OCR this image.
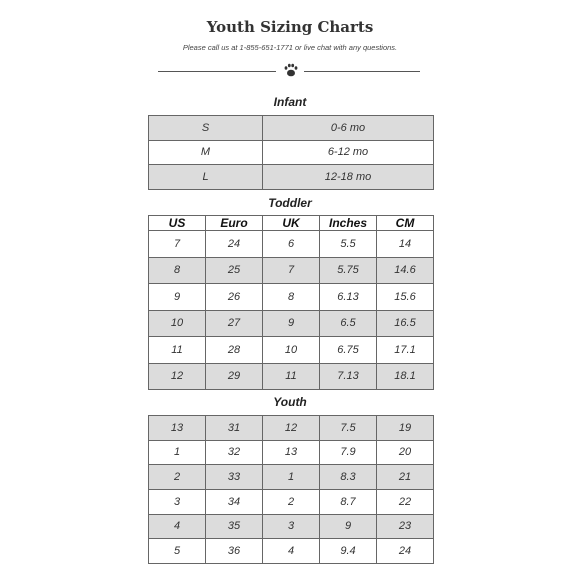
Youth Sizing Charts
Please call us at 1-855-651-1771 or live chat with any questions.
Infant
S	0-6 mo
M	6-12 mo
L	12-18 mo
Toddler
US	Euro	UK	Inches	CM
7	24	6	5.5	14
8	25	7	5.75	14.6
9	26	8	6.13	15.6
10	27	9	6.5	16.5
11	28	10	6.75	17.1
12	29	11	7.13	18.1
Youth
13	31	12	7.5	19
1	32	13	7.9	20
2	33	1	8.3	21
3	34	2	8.7	22
4	35	3	9	23
5	36	4	9.4	24
